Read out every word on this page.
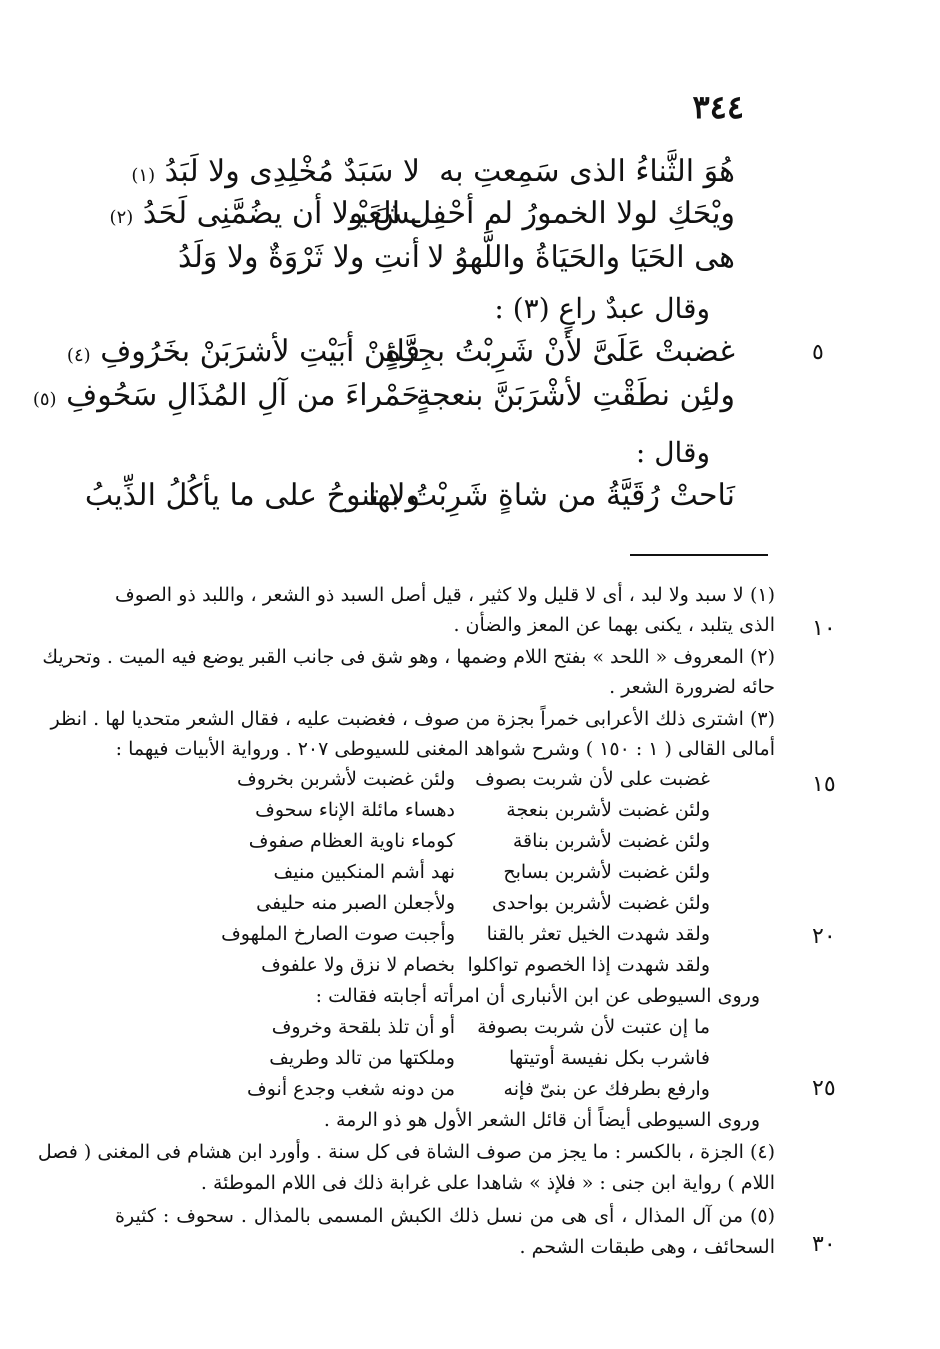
٣٤٤
هُوَ الثَّناءُ الذى سَمِعتِ به
لا سَبَدٌ مُخْلِدِى ولا لَبَدُ (١)
ويْحَكِ لولا الخمورُ لم أحْفِل العَيْـ
ـشَ ولا أن يضُمَّنِى لَحَدُ (٢)
هى الحَيَا والحَيَاةُ واللَّهوُ لا
أنتِ ولا ثَرْوَةٌ ولا وَلَدُ
وقال عبدٌ راعٍ (٣) :
غضبتْ عَلَىَّ لأنْ شَرِبْتُ بجِزَّةٍ
فلئِنْ أبَيْتِ لأشرَبَنْ بخَرُوفِ (٤)
ولئِن نطَقْتِ لأشْرَبَنَّ بنعجةٍ
حَمْراءَ من آلِ المُذَالِ سَحُوفِ (٥)
وقال :
نَاحتْ رُقَيَّةُ من شاةٍ شَرِبْتُ بها
ولا تنوحُ على ما يأكُلُ الذِّيبُ
٥
١٠
١٥
٢٠
٢٥
٣٠
(١) لا سبد ولا لبد ، أى لا قليل ولا كثير ، قيل أصل السبد ذو الشعر ، واللبد ذو الصوف
الذى يتلبد ، يكنى بهما عن المعز والضأن .
(٢) المعروف « اللحد » بفتح اللام وضمها ، وهو شق فى جانب القبر يوضع فيه الميت . وتحريك
حائه لضرورة الشعر .
(٣) اشترى ذلك الأعرابى خمراً بجزة من صوف ، فغضبت عليه ، فقال الشعر متحديا لها . انظر
أمالى القالى ( ١ : ١٥٠ ) وشرح شواهد المغنى للسيوطى ٢٠٧ . ورواية الأبيات فيهما :
غضبت على لأن شربت بصوف
ولئن غضبت لأشربن بخروف
ولئن غضبت لأشربن بنعجة
دهساء مائلة الإناء سحوف
ولئن غضبت لأشربن بناقة
كوماء ناوية العظام صفوف
ولئن غضبت لأشربن بسابح
نهد أشم المنكبين منيف
ولئن غضبت لأشربن بواحدى
ولأجعلن الصبر منه حليفى
ولقد شهدت الخيل تعثر بالقنا
وأجبت صوت الصارخ الملهوف
ولقد شهدت إذا الخصوم تواكلوا
بخصام لا نزق ولا علفوف
وروى السيوطى عن ابن الأنبارى أن امرأته أجابته فقالت :
ما إن عتبت لأن شربت بصوفة
أو أن تلذ بلقحة وخروف
فاشرب بكل نفيسة أوتيتها
وملكتها من تالد وطريف
وارفع بطرفك عن بنىّ فإنه
من دونه شغب وجدع أنوف
وروى السيوطى أيضاً أن قائل الشعر الأول هو ذو الرمة .
(٤) الجزة ، بالكسر : ما يجز من صوف الشاة فى كل سنة . وأورد ابن هشام فى المغنى ( فصل
اللام ) رواية ابن جنى : « فلإذ » شاهدا على غرابة ذلك فى اللام الموطئة .
(٥) من آل المذال ، أى هى من نسل ذلك الكبش المسمى بالمذال . سحوف : كثيرة
السحائف ، وهى طبقات الشحم .
